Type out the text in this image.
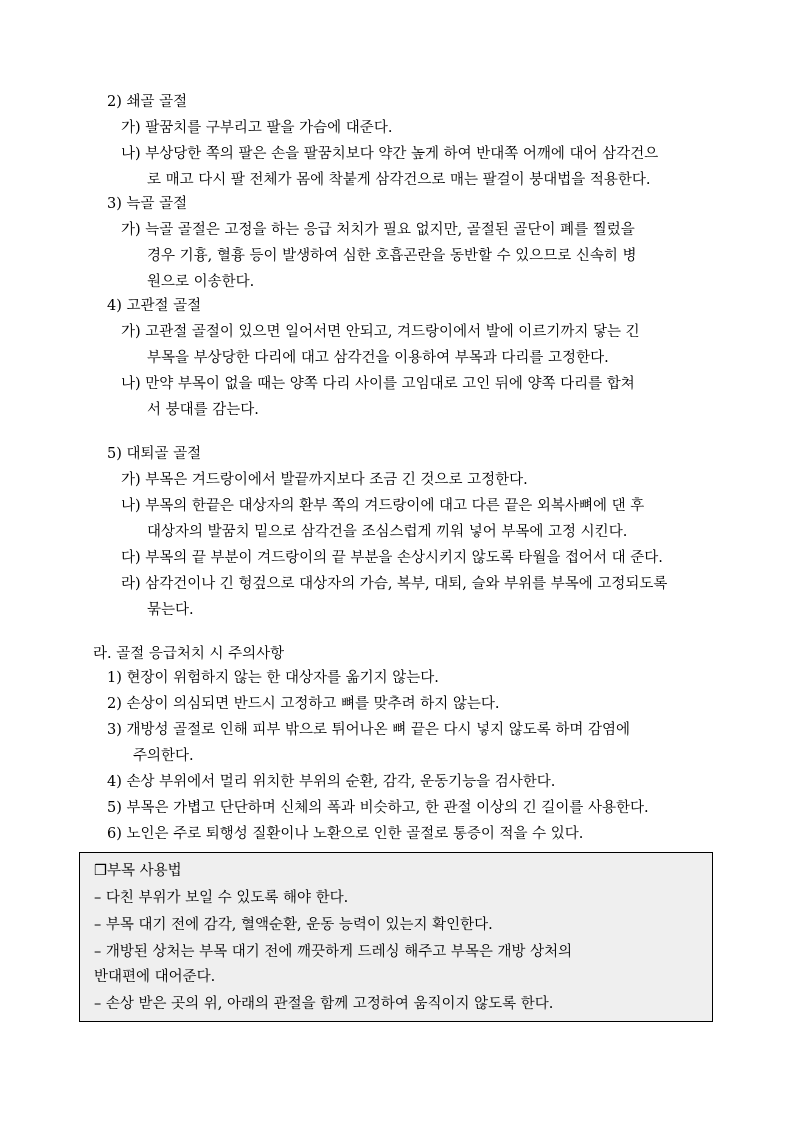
2) 쇄골 골절
가) 팔꿈치를 구부리고 팔을 가슴에 대준다.
나) 부상당한 쪽의 팔은 손을 팔꿈치보다 약간 높게 하여 반대쪽 어깨에 대어 삼각건으
로 매고 다시 팔 전체가 몸에 착붙게 삼각건으로 매는 팔걸이 붕대법을 적용한다.
3) 늑골 골절
가) 늑골 골절은 고정을 하는 응급 처치가 필요 없지만, 골절된 골단이 폐를 찔렀을
경우 기흉, 혈흉 등이 발생하여 심한 호흡곤란을 동반할 수 있으므로 신속히 병
원으로 이송한다.
4) 고관절 골절
가) 고관절 골절이 있으면 일어서면 안되고, 겨드랑이에서 발에 이르기까지 닿는 긴
부목을 부상당한 다리에 대고 삼각건을 이용하여 부목과 다리를 고정한다.
나) 만약 부목이 없을 때는 양쪽 다리 사이를 고임대로 고인 뒤에 양쪽 다리를 합쳐
서 붕대를 감는다.
5) 대퇴골 골절
가) 부목은 겨드랑이에서 발끝까지보다 조금 긴 것으로 고정한다.
나) 부목의 한끝은 대상자의 환부 쪽의 겨드랑이에 대고 다른 끝은 외복사뼈에 댄 후
대상자의 발꿈치 밑으로 삼각건을 조심스럽게 끼워 넣어 부목에 고정 시킨다.
다) 부목의 끝 부분이 겨드랑이의 끝 부분을 손상시키지 않도록 타월을 접어서 대 준다.
라) 삼각건이나 긴 헝겊으로 대상자의 가슴, 복부, 대퇴, 슬와 부위를 부목에 고정되도록
묶는다.
라. 골절 응급처치 시 주의사항
1) 현장이 위험하지 않는 한 대상자를 옮기지 않는다.
2) 손상이 의심되면 반드시 고정하고 뼈를 맞추려 하지 않는다.
3) 개방성 골절로 인해 피부 밖으로 튀어나온 뼈 끝은 다시 넣지 않도록 하며 감염에
주의한다.
4) 손상 부위에서 멀리 위치한 부위의 순환, 감각, 운동기능을 검사한다.
5) 부목은 가볍고 단단하며 신체의 폭과 비슷하고, 한 관절 이상의 긴 길이를 사용한다.
6) 노인은 주로 퇴행성 질환이나 노환으로 인한 골절로 통증이 적을 수 있다.
❒부목 사용법
– 다친 부위가 보일 수 있도록 해야 한다.
– 부목 대기 전에 감각, 혈액순환, 운동 능력이 있는지 확인한다.
– 개방된 상처는 부목 대기 전에 깨끗하게 드레싱 해주고 부목은 개방 상처의
반대편에 대어준다.
– 손상 받은 곳의 위, 아래의 관절을 함께 고정하여 움직이지 않도록 한다.
